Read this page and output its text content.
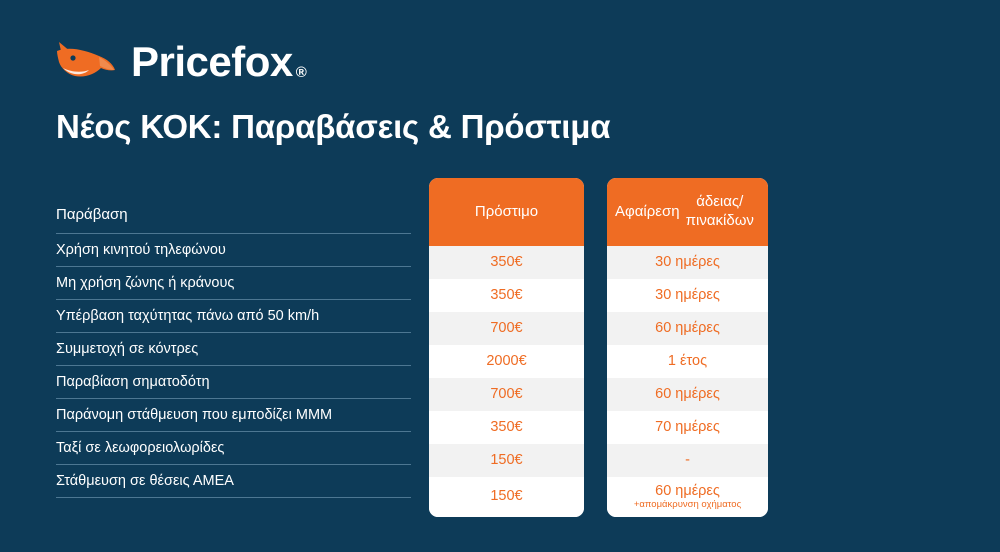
Pricefox ®
Νέος ΚΟΚ: Παραβάσεις & Πρόστιμα
Παράβαση
Χρήση κινητού τηλεφώνου
Μη χρήση ζώνης ή κράνους
Υπέρβαση ταχύτητας πάνω από 50 km/h
Συμμετοχή σε κόντρες
Παραβίαση σηματοδότη
Παράνομη στάθμευση που εμποδίζει ΜΜΜ
Ταξί σε λεωφορειολωρίδες
Στάθμευση σε θέσεις ΑΜΕΑ
Πρόστιμο
350€
350€
700€
2000€
700€
350€
150€
150€
Αφαίρεση

άδειας/πινακίδων
30 ημέρες
30 ημέρες
60 ημέρες
1 έτος
60 ημέρες
70 ημέρες
-
60 ημέρες
+απομάκρυνση οχήματος
